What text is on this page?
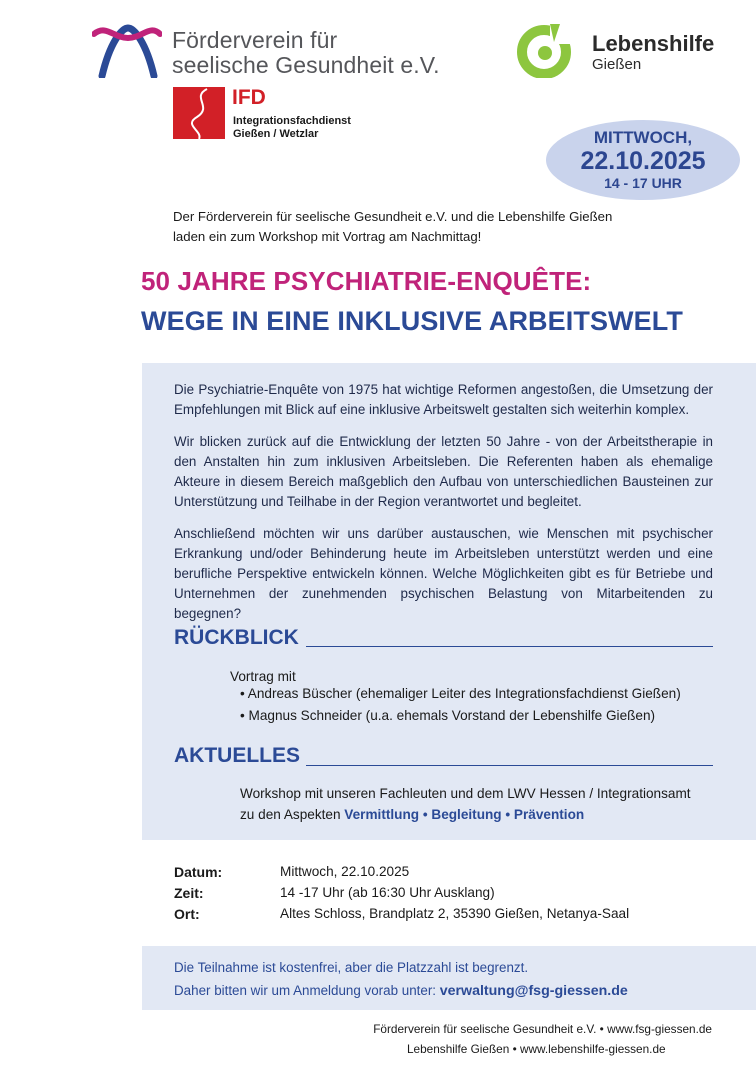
Förderverein für
seelische Gesundheit e.V.
Lebenshilfe
Gießen
IFD
Integrationsfachdienst
Gießen / Wetzlar	MITTWOCH,
22.10.2025
14 - 17 UHR
Der Förderverein für seelische Gesundheit e.V. und die Lebenshilfe Gießen
laden ein zum Workshop mit Vortrag am Nachmittag!
50 JAHRE PSYCHIATRIE-ENQUÊTE:
WEGE IN EINE INKLUSIVE ARBEITSWELT

Die Psychiatrie-Enquête von 1975 hat wichtige Reformen angestoßen, die Umsetzung der Empfehlungen mit Blick auf eine inklusive Arbeitswelt gestalten sich weiterhin komplex.

Wir blicken zurück auf die Entwicklung der letzten 50 Jahre - von der Arbeitstherapie in den Anstalten hin zum inklusiven Arbeitsleben. Die Referenten haben als ehemalige Akteure in diesem Bereich maßgeblich den Aufbau von unterschiedlichen Bausteinen zur Unterstützung und Teilhabe in der Region verantwortet und begleitet.

Anschließend möchten wir uns darüber austauschen, wie Menschen mit psychischer Erkrankung und/oder Behinderung heute im Arbeitsleben unterstützt werden und eine berufliche Perspektive entwickeln können. Welche Möglichkeiten gibt es für Betriebe und Unternehmen der zunehmenden psychischen Belastung von Mitarbeitenden zu begegnen?

RÜCKBLICK
Vortrag mit
• Andreas Büscher (ehemaliger Leiter des Integrationsfachdienst Gießen)
• Magnus Schneider (u.a. ehemals Vorstand der Lebenshilfe Gießen)
AKTUELLES
Workshop mit unseren Fachleuten und dem LWV Hessen / Integrationsamt
zu den Aspekten Vermittlung • Begleitung • Prävention
Datum:	Mittwoch, 22.10.2025
Zeit:	14 -17 Uhr (ab 16:30 Uhr Ausklang)
Ort:	Altes Schloss, Brandplatz 2, 35390 Gießen, Netanya-Saal
Die Teilnahme ist kostenfrei, aber die Platzzahl ist begrenzt.
Daher bitten wir um Anmeldung vorab unter: verwaltung@fsg-giessen.de
Förderverein für seelische Gesundheit e.V. • www.fsg-giessen.de
Lebenshilfe Gießen • www.lebenshilfe-giessen.de
